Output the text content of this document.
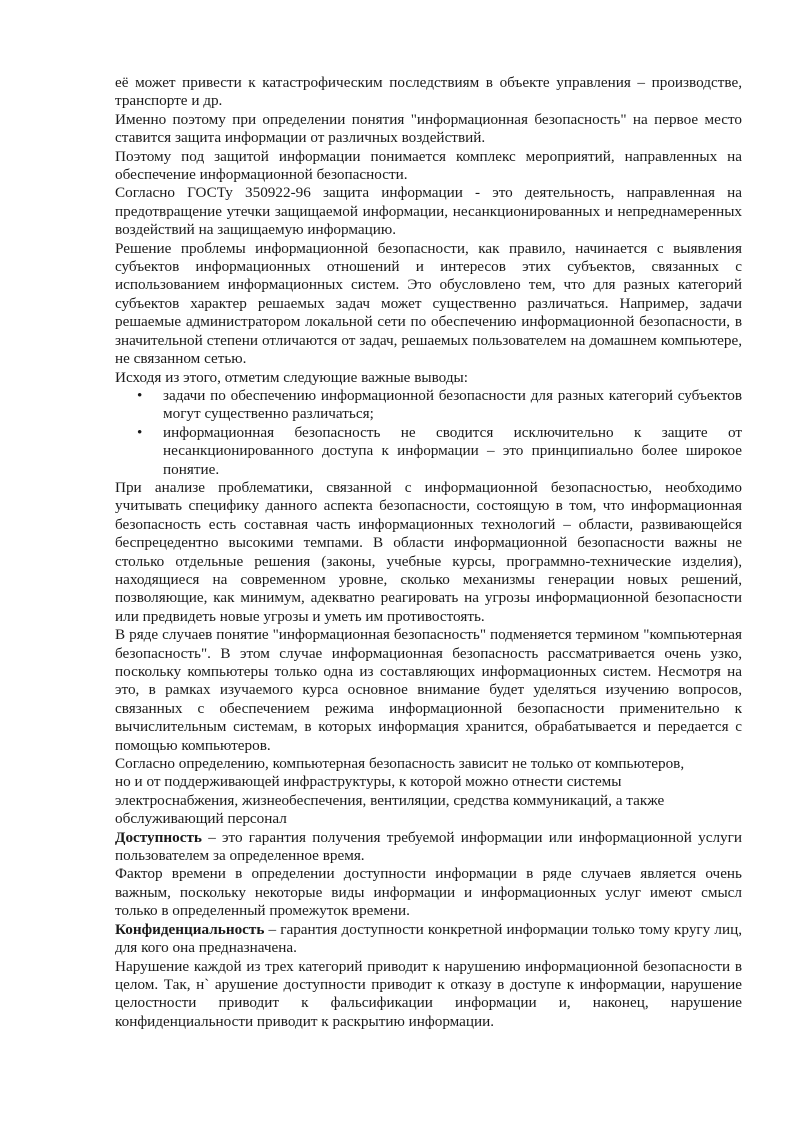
её может привести к катастрофическим последствиям в объекте управления – производстве, транспорте и др.

Именно поэтому при определении понятия "информационная безопасность" на первое место ставится защита информации от различных воздействий.

Поэтому под защитой информации понимается комплекс мероприятий, направленных на обеспечение информационной безопасности.

Согласно ГОСТу 350922-96 защита информации - это деятельность, направленная на предотвращение утечки защищаемой информации, несанкционированных и непреднамеренных воздействий на защищаемую информацию.

Решение проблемы информационной безопасности, как правило, начинается с выявления субъектов информационных отношений и интересов этих субъектов, связанных с использованием информационных систем. Это обусловлено тем, что для разных категорий субъектов характер решаемых задач может существенно различаться. Например, задачи решаемые администратором локальной сети по обеспечению информационной безопасности, в значительной степени отличаются от задач, решаемых пользователем на домашнем компьютере, не связанном сетью.

Исходя из этого, отметим следующие важные выводы:

• задачи по обеспечению информационной безопасности для разных категорий субъектов могут существенно различаться;
• информационная безопасность не сводится исключительно к защите от несанкционированного доступа к информации – это принципиально более широкое понятие.

При анализе проблематики, связанной с информационной безопасностью, необходимо учитывать специфику данного аспекта безопасности, состоящую в том, что информационная безопасность есть составная часть информационных технологий – области, развивающейся беспрецедентно высокими темпами. В области информационной безопасности важны не столько отдельные решения (законы, учебные курсы, программно-технические изделия), находящиеся на современном уровне, сколько механизмы генерации новых решений, позволяющие, как минимум, адекватно реагировать на угрозы информационной безопасности или предвидеть новые угрозы и уметь им противостоять.

В ряде случаев понятие "информационная безопасность" подменяется термином "компьютерная безопасность". В этом случае информационная безопасность рассматривается очень узко, поскольку компьютеры только одна из составляющих информационных систем. Несмотря на это, в рамках изучаемого курса основное внимание будет уделяться изучению вопросов, связанных с обеспечением режима информационной безопасности применительно к вычислительным системам, в которых информация хранится, обрабатывается и передается с помощью компьютеров.

Согласно определению, компьютерная безопасность зависит не только от компьютеров,
но и от поддерживающей инфраструктуры, к которой можно отнести системы
электроснабжения, жизнеобеспечения, вентиляции, средства коммуникаций, а также
обслуживающий персонал

Доступность – это гарантия получения требуемой информации или информационной услуги пользователем за определенное время.

Фактор времени в определении доступности информации в ряде случаев является очень важным, поскольку некоторые виды информации и информационных услуг имеют смысл только в определенный промежуток времени.

Конфиденциальность – гарантия доступности конкретной информации только тому кругу лиц, для кого она предназначена.

Нарушение каждой из трех категорий приводит к нарушению информационной безопасности в целом. Так, н` арушение доступности приводит к отказу в доступе к информации, нарушение целостности приводит к фальсификации информации и, наконец, нарушение конфиденциальности приводит к раскрытию информации.
